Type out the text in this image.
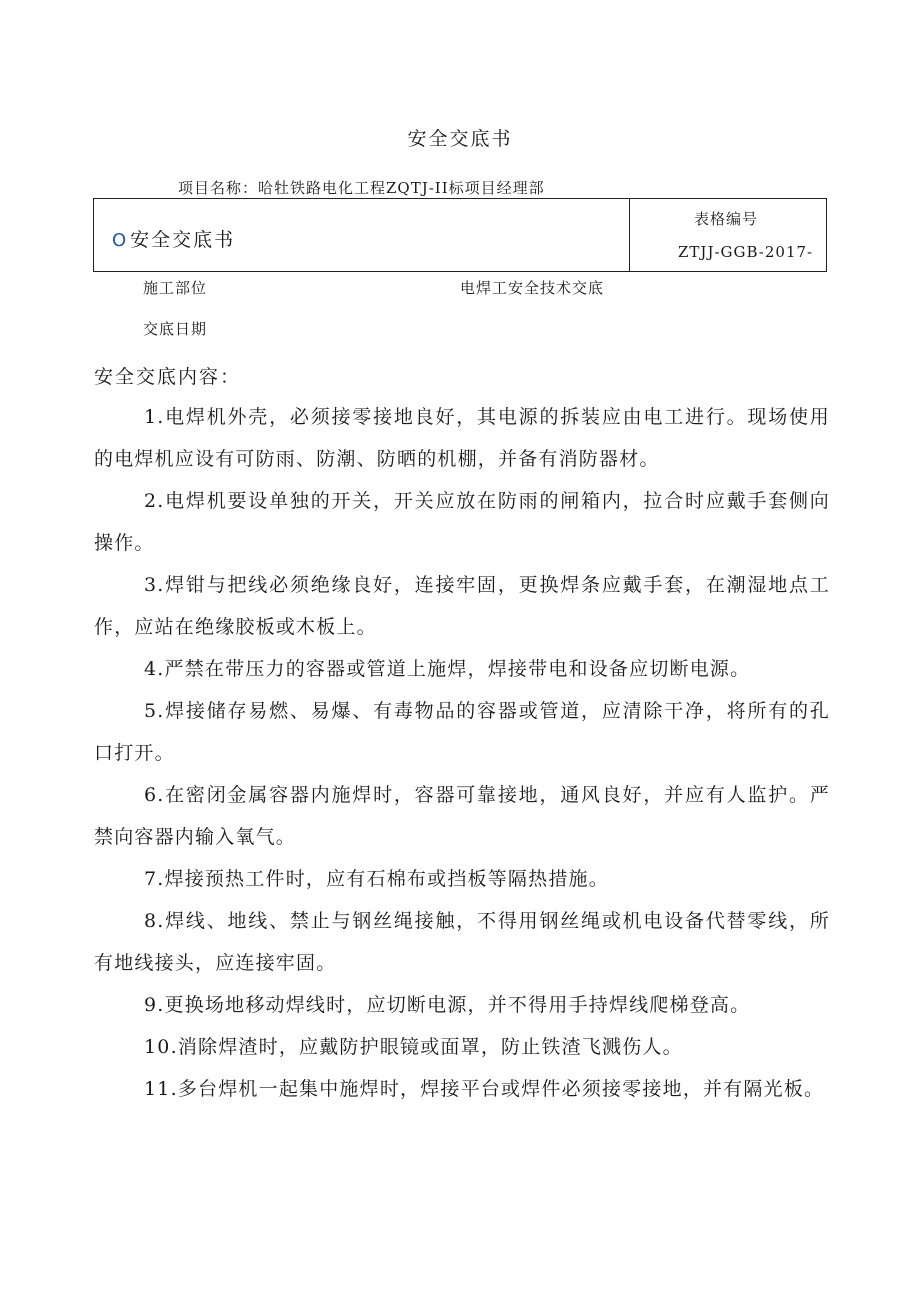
安全交底书
项目名称：哈牡铁路电化工程ZQTJ-II标项目经理部
O 安全交底书
表格编号
ZTJJ-GGB-2017-
施工部位	电焊工安全技术交底
交底日期
安全交底内容：
1.电焊机外壳，必须接零接地良好，其电源的拆装应由电工进行。现场使用的电焊机应设有可防雨、防潮、防晒的机棚，并备有消防器材。
2.电焊机要设单独的开关，开关应放在防雨的闸箱内，拉合时应戴手套侧向操作。
3.焊钳与把线必须绝缘良好，连接牢固，更换焊条应戴手套，在潮湿地点工作，应站在绝缘胶板或木板上。
4.严禁在带压力的容器或管道上施焊，焊接带电和设备应切断电源。
5.焊接储存易燃、易爆、有毒物品的容器或管道，应清除干净，将所有的孔口打开。
6.在密闭金属容器内施焊时，容器可靠接地，通风良好，并应有人监护。严禁向容器内输入氧气。
7.焊接预热工件时，应有石棉布或挡板等隔热措施。
8.焊线、地线、禁止与钢丝绳接触，不得用钢丝绳或机电设备代替零线，所有地线接头，应连接牢固。
9.更换场地移动焊线时，应切断电源，并不得用手持焊线爬梯登高。
10.消除焊渣时，应戴防护眼镜或面罩，防止铁渣飞溅伤人。
11.多台焊机一起集中施焊时，焊接平台或焊件必须接零接地，并有隔光板。
